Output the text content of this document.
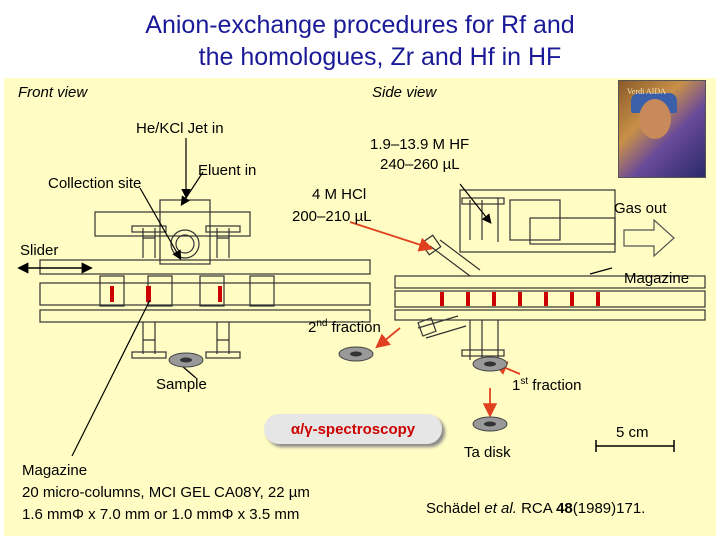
Anion-exchange procedures for Rf and
the homologues, Zr and Hf in HF
Verdi AIDA
α/γ-spectroscopy
Front view	Side view
He/KCl Jet in
Eluent in
Collection site
1.9–13.9 M HF
240–260 µL
4 M HCl
200–210 µL	Gas out
Slider
Magazine
2nd fraction
Sample	1st fraction
Ta disk
5 cm
Magazine
20 micro-columns, MCI GEL CA08Y, 22 µm
1.6 mmΦ x 7.0 mm or 1.0 mmΦ x 3.5 mm	Schädel et al. RCA 48(1989)171.
